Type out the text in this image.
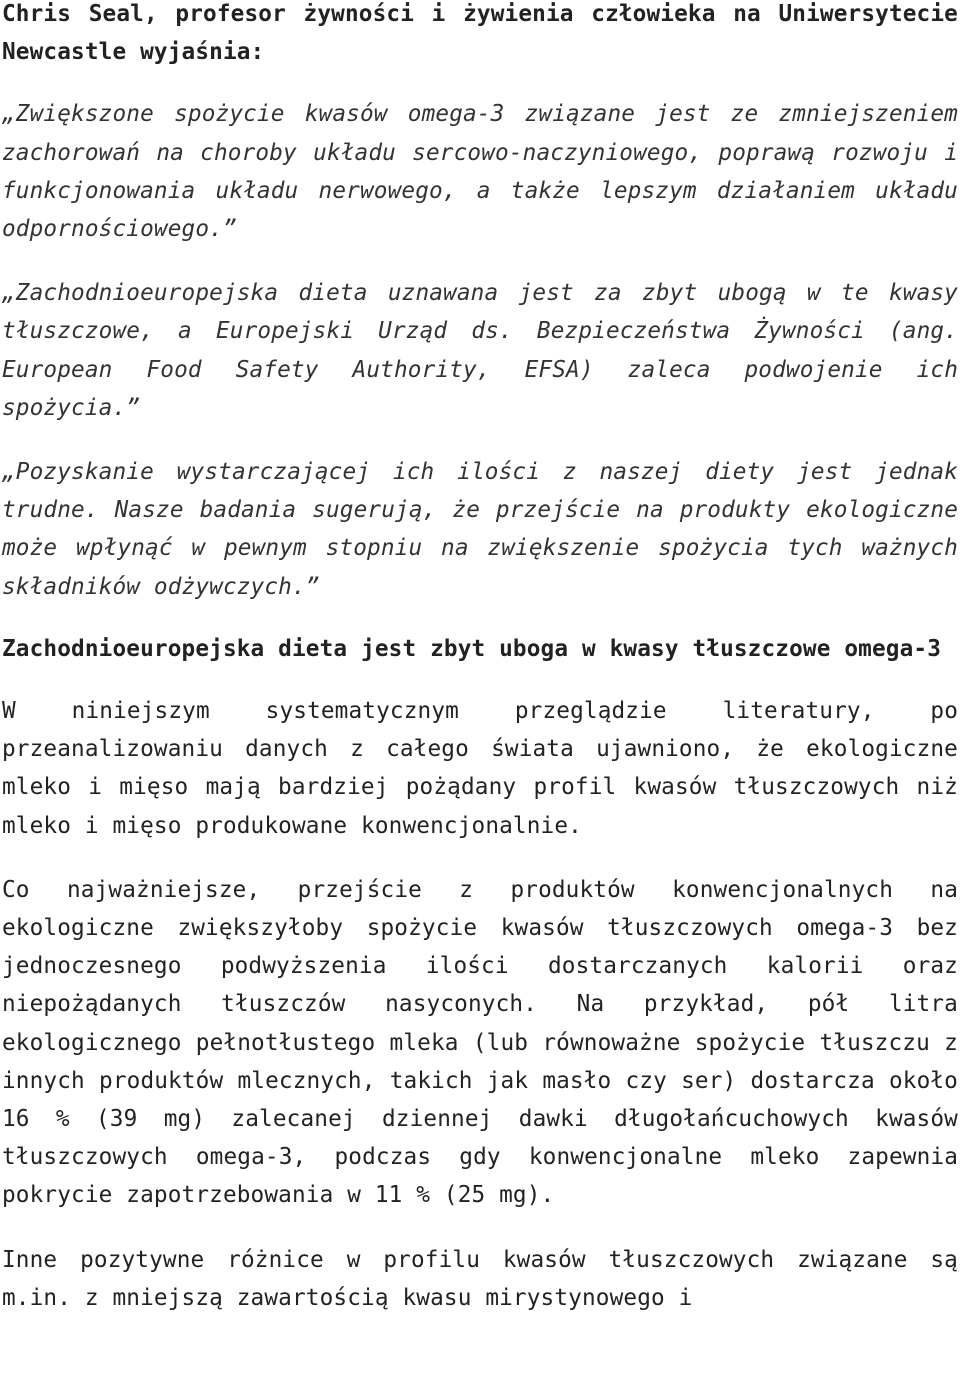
Chris Seal, profesor żywności i żywienia człowieka na Uniwersytecie Newcastle wyjaśnia:

„Zwiększone spożycie kwasów omega-3 związane jest ze zmniejszeniem zachorowań na choroby układu sercowo-naczyniowego, poprawą rozwoju i funkcjonowania układu nerwowego, a także lepszym działaniem układu odpornościowego.”

„Zachodnioeuropejska dieta uznawana jest za zbyt ubogą w te kwasy tłuszczowe, a Europejski Urząd ds. Bezpieczeństwa Żywności (ang. European Food Safety Authority, EFSA) zaleca podwojenie ich spożycia.”

„Pozyskanie wystarczającej ich ilości z naszej diety jest jednak trudne. Nasze badania sugerują, że przejście na produkty ekologiczne może wpłynąć w pewnym stopniu na zwiększenie spożycia tych ważnych składników odżywczych.”

Zachodnioeuropejska dieta jest zbyt uboga w kwasy tłuszczowe omega-3

W niniejszym systematycznym przeglądzie literatury, po przeanalizowaniu danych z całego świata ujawniono, że ekologiczne mleko i mięso mają bardziej pożądany profil kwasów tłuszczowych niż mleko i mięso produkowane konwencjonalnie.

Co najważniejsze, przejście z produktów konwencjonalnych na ekologiczne zwiększyłoby spożycie kwasów tłuszczowych omega-3 bez jednoczesnego podwyższenia ilości dostarczanych kalorii oraz niepożądanych tłuszczów nasyconych. Na przykład, pół litra ekologicznego pełnotłustego mleka (lub równoważne spożycie tłuszczu z innych produktów mlecznych, takich jak masło czy ser) dostarcza około 16 % (39 mg) zalecanej dziennej dawki długołańcuchowych kwasów tłuszczowych omega-3, podczas gdy konwencjonalne mleko zapewnia pokrycie zapotrzebowania w 11 % (25 mg).

Inne pozytywne różnice w profilu kwasów tłuszczowych związane są m.in. z mniejszą zawartością kwasu mirystynowego i
